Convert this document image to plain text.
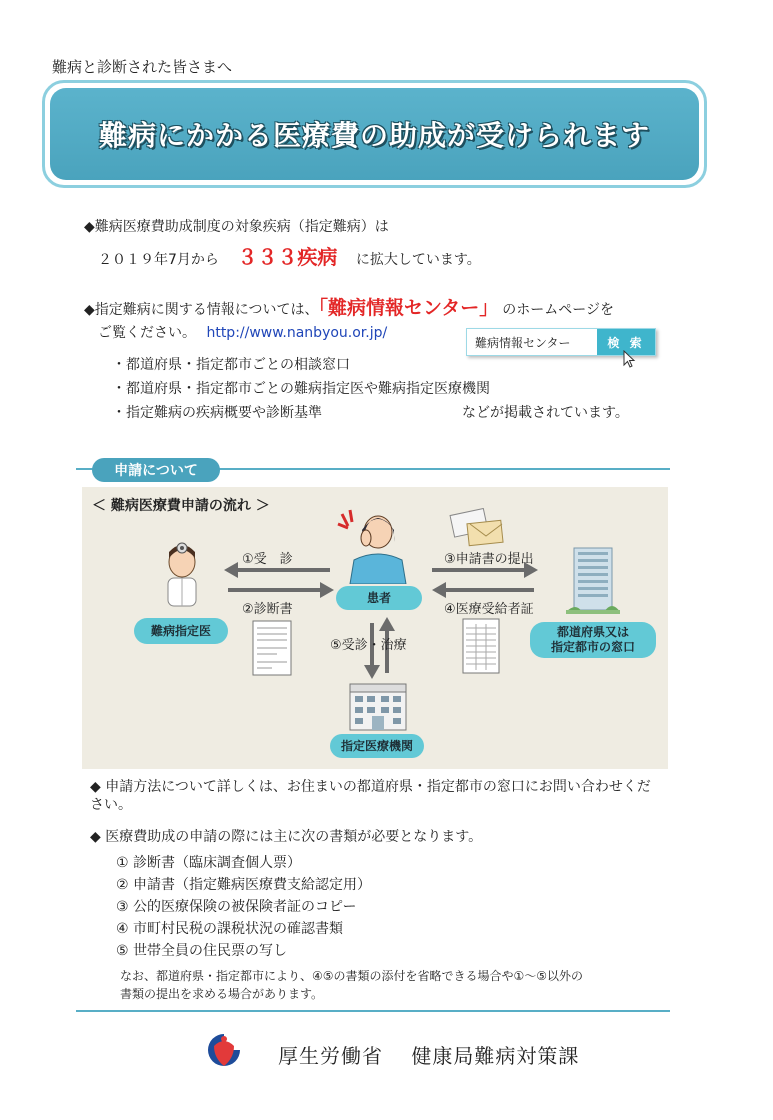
難病と診断された皆さまへ
難病にかかる医療費の助成が受けられます
◆難病医療費助成制度の対象疾病（指定難病）は
２０１９年7月から ３３３疾病 に拡大しています。
◆指定難病に関する情報については、「難病情報センター」 のホームページを
ご覧ください。 http://www.nanbyou.or.jp/
・都道府県・指定都市ごとの相談窓口
・都道府県・指定都市ごとの難病指定医や難病指定医療機関
・指定難病の疾病概要や診断基準	などが掲載されています。
難病情報センター	検 索
申請について
＜ 難病医療費申請の流れ ＞
難病指定医
患者
都道府県又は
指定都市の窓口
指定医療機関
①受　診
②診断書
③申請書の提出
④医療受給者証
⑤受診・治療
◆ 申請方法について詳しくは、お住まいの都道府県・指定都市の窓口にお問い合わせくだ
さい。
◆ 医療費助成の申請の際には主に次の書類が必要となります。
① 診断書（臨床調査個人票）
② 申請書（指定難病医療費支給認定用）
③ 公的医療保険の被保険者証のコピー
④ 市町村民税の課税状況の確認書類
⑤ 世帯全員の住民票の写し
なお、都道府県・指定都市により、④⑤の書類の添付を省略できる場合や①～⑤以外の
書類の提出を求める場合があります。
厚生労働省　 健康局難病対策課
